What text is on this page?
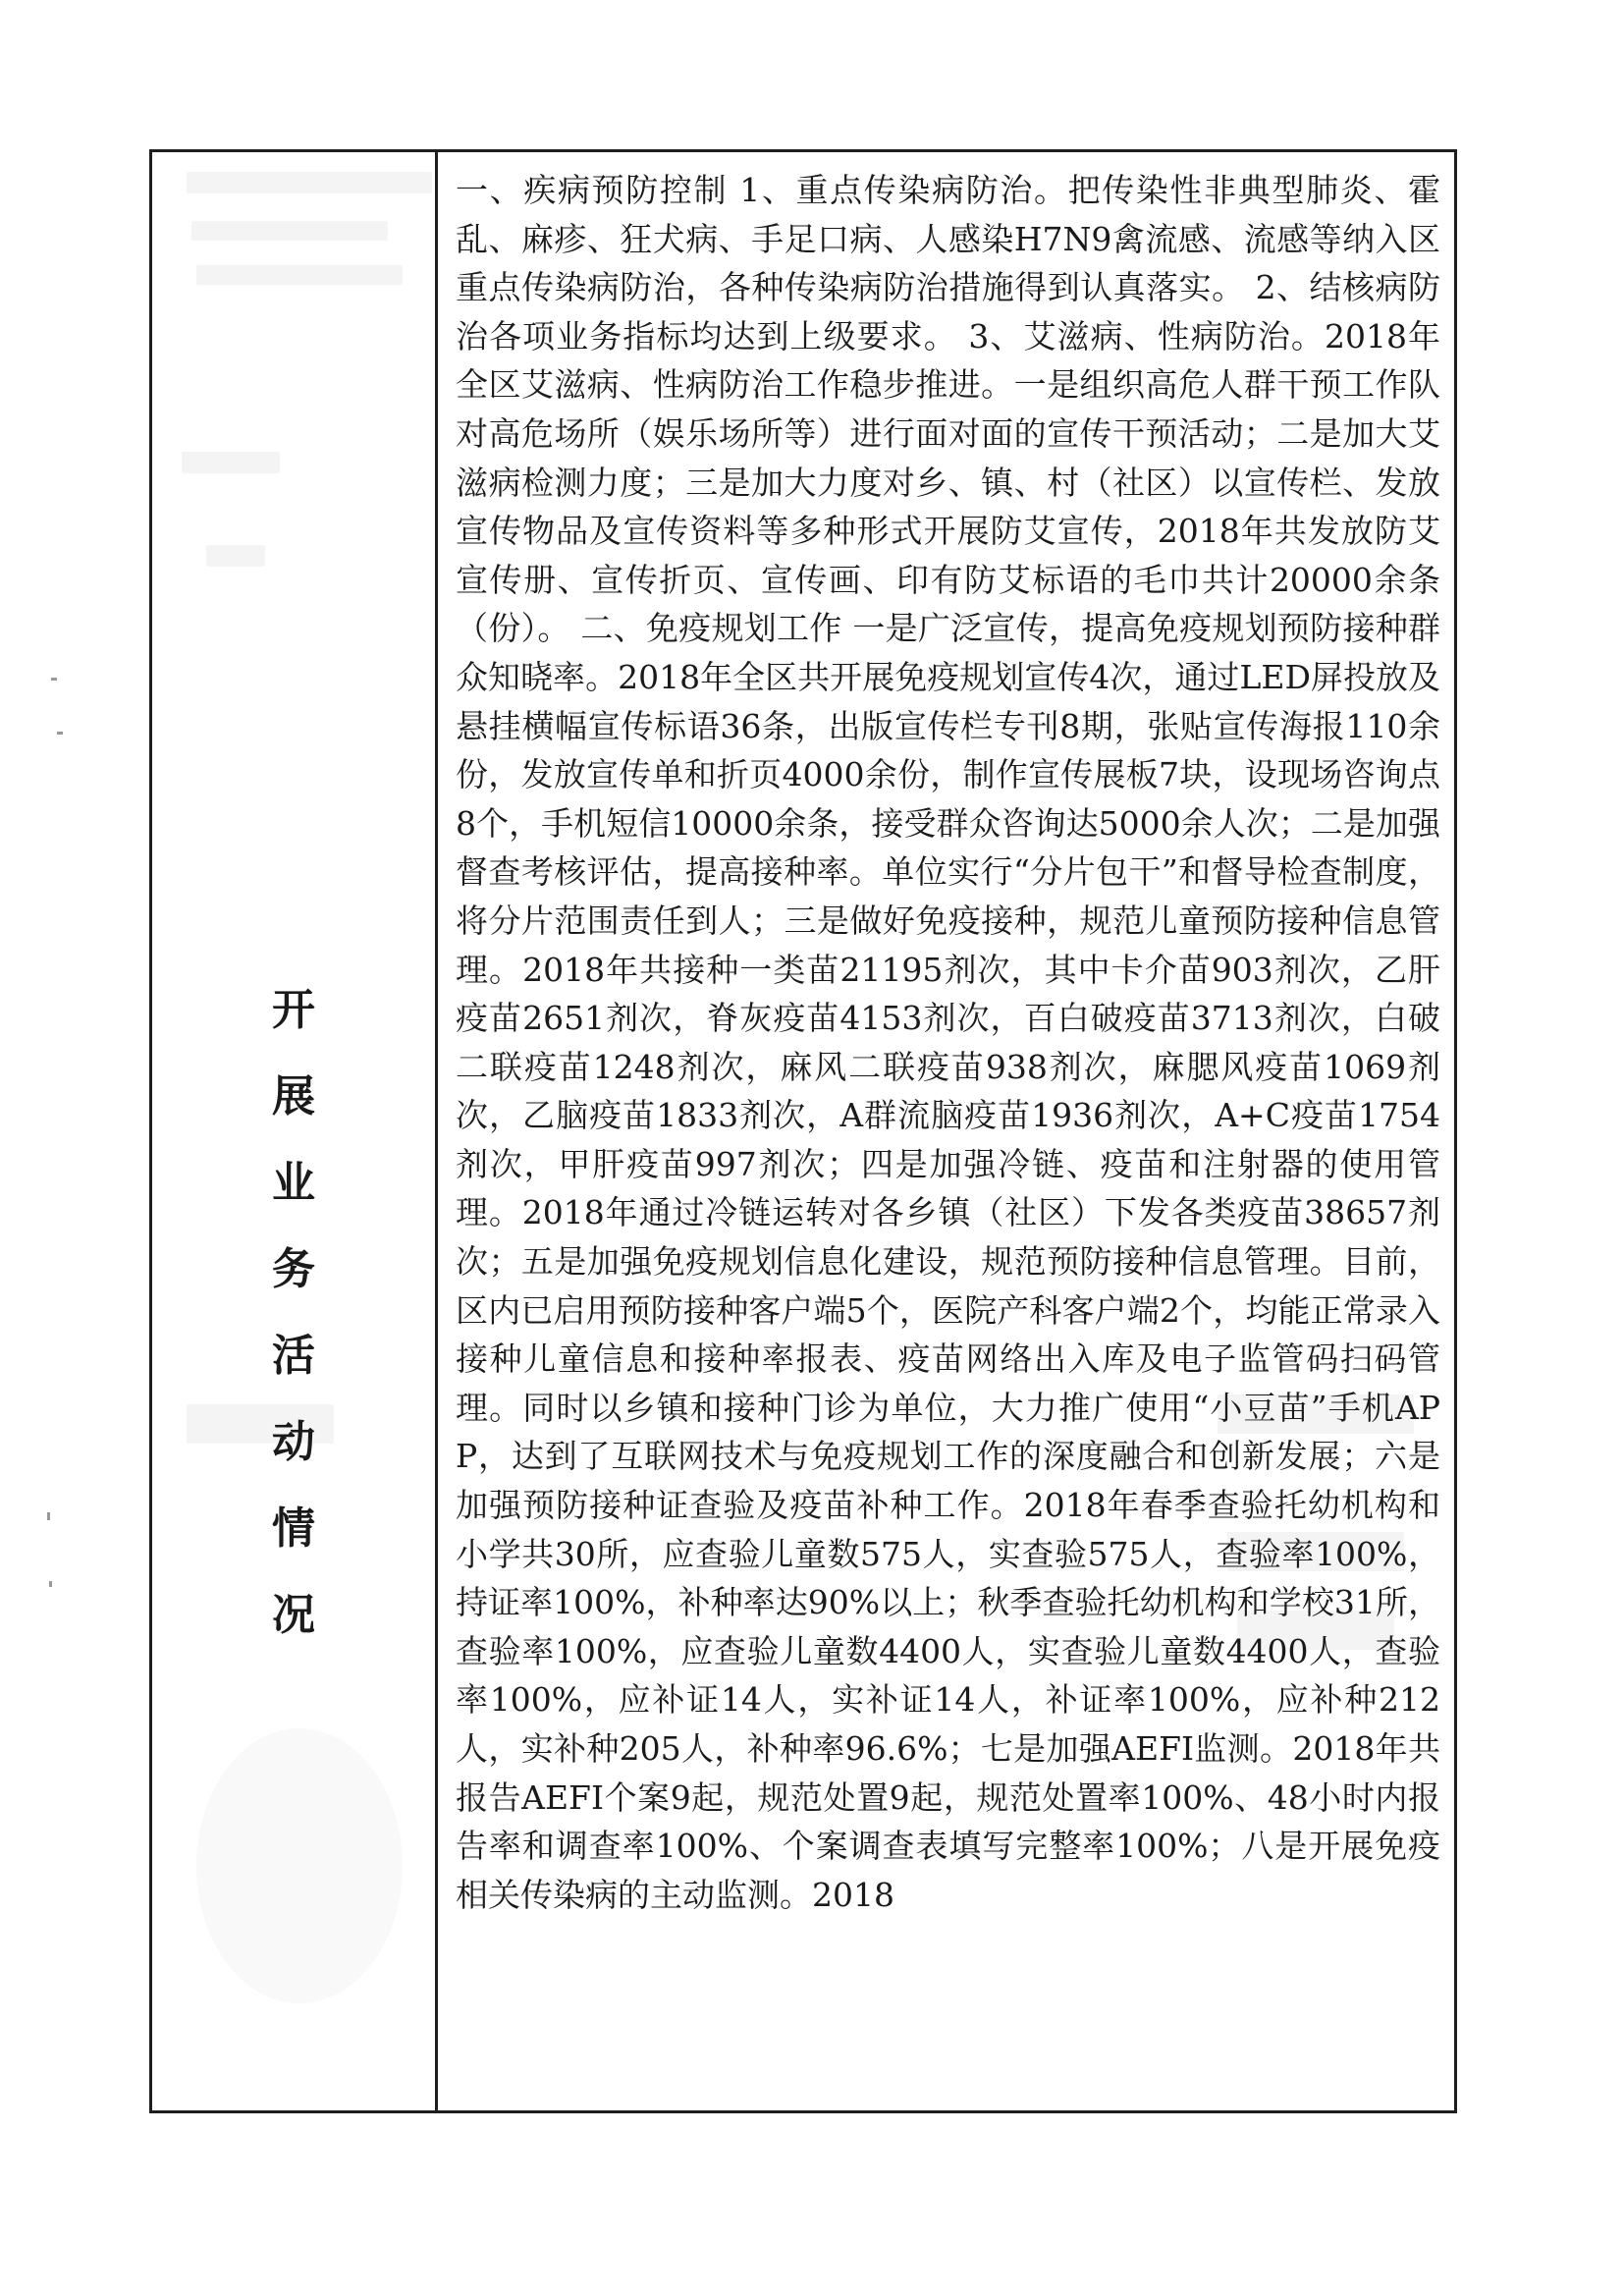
开
展
业
务
活
动
情
况

一、疾病预防控制 1、重点传染病防治。把传染性非典型肺炎、霍乱、麻疹、狂犬病、手足口病、人感染H7N9禽流感、流感等纳入区重点传染病防治，各种传染病防治措施得到认真落实。 2、结核病防治各项业务指标均达到上级要求。 3、艾滋病、性病防治。2018年全区艾滋病、性病防治工作稳步推进。一是组织高危人群干预工作队对高危场所（娱乐场所等）进行面对面的宣传干预活动；二是加大艾滋病检测力度；三是加大力度对乡、镇、村（社区）以宣传栏、发放宣传物品及宣传资料等多种形式开展防艾宣传，2018年共发放防艾宣传册、宣传折页、宣传画、印有防艾标语的毛巾共计20000余条（份）。 二、免疫规划工作 一是广泛宣传，提高免疫规划预防接种群众知晓率。2018年全区共开展免疫规划宣传4次，通过LED屏投放及悬挂横幅宣传标语36条，出版宣传栏专刊8期，张贴宣传海报110余份，发放宣传单和折页4000余份，制作宣传展板7块，设现场咨询点8个，手机短信10000余条，接受群众咨询达5000余人次；二是加强督查考核评估，提高接种率。单位实行“分片包干”和督导检查制度，将分片范围责任到人；三是做好免疫接种，规范儿童预防接种信息管理。2018年共接种一类苗21195剂次，其中卡介苗903剂次，乙肝疫苗2651剂次，脊灰疫苗4153剂次，百白破疫苗3713剂次，白破二联疫苗1248剂次，麻风二联疫苗938剂次，麻腮风疫苗1069剂次，乙脑疫苗1833剂次，A群流脑疫苗1936剂次，A+C疫苗1754剂次，甲肝疫苗997剂次；四是加强冷链、疫苗和注射器的使用管理。2018年通过冷链运转对各乡镇（社区）下发各类疫苗38657剂次；五是加强免疫规划信息化建设，规范预防接种信息管理。目前，区内已启用预防接种客户端5个，医院产科客户端2个，均能正常录入接种儿童信息和接种率报表、疫苗网络出入库及电子监管码扫码管理。同时以乡镇和接种门诊为单位，大力推广使用“小豆苗”手机APP，达到了互联网技术与免疫规划工作的深度融合和创新发展；六是加强预防接种证查验及疫苗补种工作。2018年春季查验托幼机构和小学共30所，应查验儿童数575人，实查验575人，查验率100%，持证率100%，补种率达90%以上；秋季查验托幼机构和学校31所，查验率100%，应查验儿童数4400人，实查验儿童数4400人，查验率100%，应补证14人，实补证14人，补证率100%，应补种212人，实补种205人，补种率96.6%；七是加强AEFI监测。2018年共报告AEFI个案9起，规范处置9起，规范处置率100%、48小时内报告率和调查率100%、个案调查表填写完整率100%；八是开展免疫相关传染病的主动监测。2018
